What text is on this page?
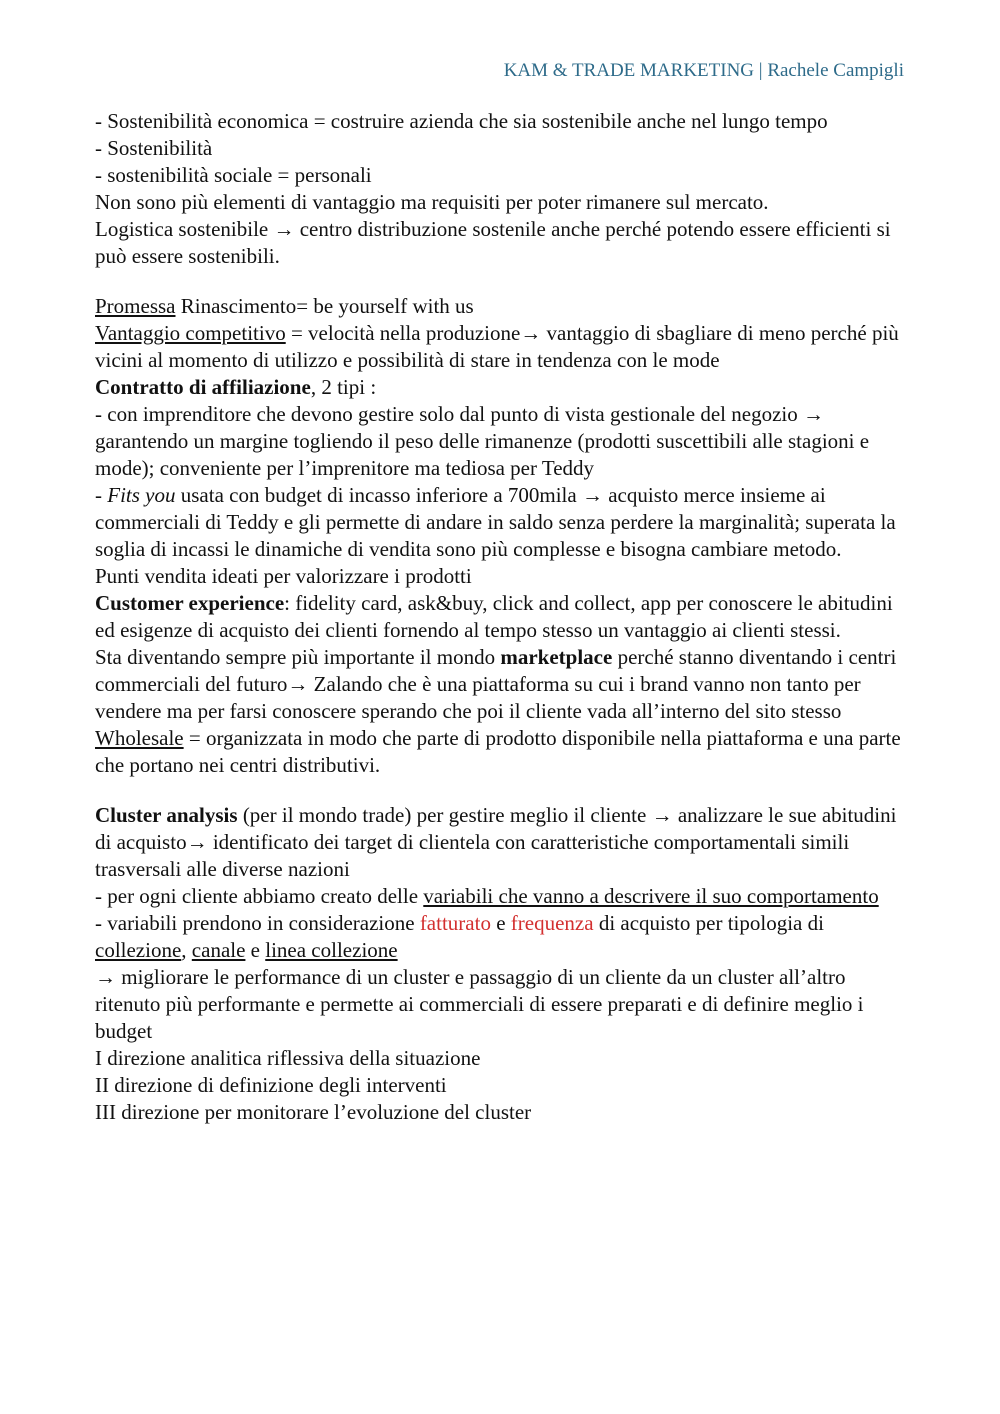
KAM & TRADE MARKETING | Rachele Campigli

- Sostenibilità economica = costruire azienda che sia sostenibile anche nel lungo tempo

- Sostenibilità

- sostenibilità sociale = personali

Non sono più elementi di vantaggio ma requisiti per poter rimanere sul mercato.

Logistica sostenibile → centro distribuzione sostenile anche perché potendo essere efficienti si può essere sostenibili.

Promessa Rinascimento= be yourself with us

Vantaggio competitivo = velocità nella produzione→ vantaggio di sbagliare di meno perché più vicini al momento di utilizzo e possibilità di stare in tendenza con le mode

Contratto di affiliazione, 2 tipi :

- con imprenditore che devono gestire solo dal punto di vista gestionale del negozio → garantendo un margine togliendo il peso delle rimanenze (prodotti suscettibili alle stagioni e mode); conveniente per l’imprenitore ma tediosa per Teddy

- Fits you usata con budget di incasso inferiore a 700mila → acquisto merce insieme ai commerciali di Teddy e gli permette di andare in saldo senza perdere la marginalità; superata la soglia di incassi le dinamiche di vendita sono più complesse e bisogna cambiare metodo.

Punti vendita ideati per valorizzare i prodotti

Customer experience: fidelity card, ask&buy, click and collect, app per conoscere le abitudini ed esigenze di acquisto dei clienti fornendo al tempo stesso un vantaggio ai clienti stessi.

Sta diventando sempre più importante il mondo marketplace perché stanno diventando i centri commerciali del futuro→ Zalando che è una piattaforma su cui i brand vanno non tanto per vendere ma per farsi conoscere sperando che poi il cliente vada all’interno del sito stesso

Wholesale = organizzata in modo che parte di prodotto disponibile nella piattaforma e una parte che portano nei centri distributivi.

Cluster analysis (per il mondo trade) per gestire meglio il cliente → analizzare le sue abitudini di acquisto→ identificato dei target di clientela con caratteristiche comportamentali simili trasversali alle diverse nazioni

- per ogni cliente abbiamo creato delle variabili che vanno a descrivere il suo comportamento

- variabili prendono in considerazione fatturato e frequenza di acquisto per tipologia di collezione, canale e linea collezione

→ migliorare le performance di un cluster e passaggio di un cliente da un cluster all’altro ritenuto più performante e permette ai commerciali di essere preparati e di definire meglio i budget

I direzione analitica riflessiva della situazione

II direzione di definizione degli interventi

III direzione per monitorare l’evoluzione del cluster
